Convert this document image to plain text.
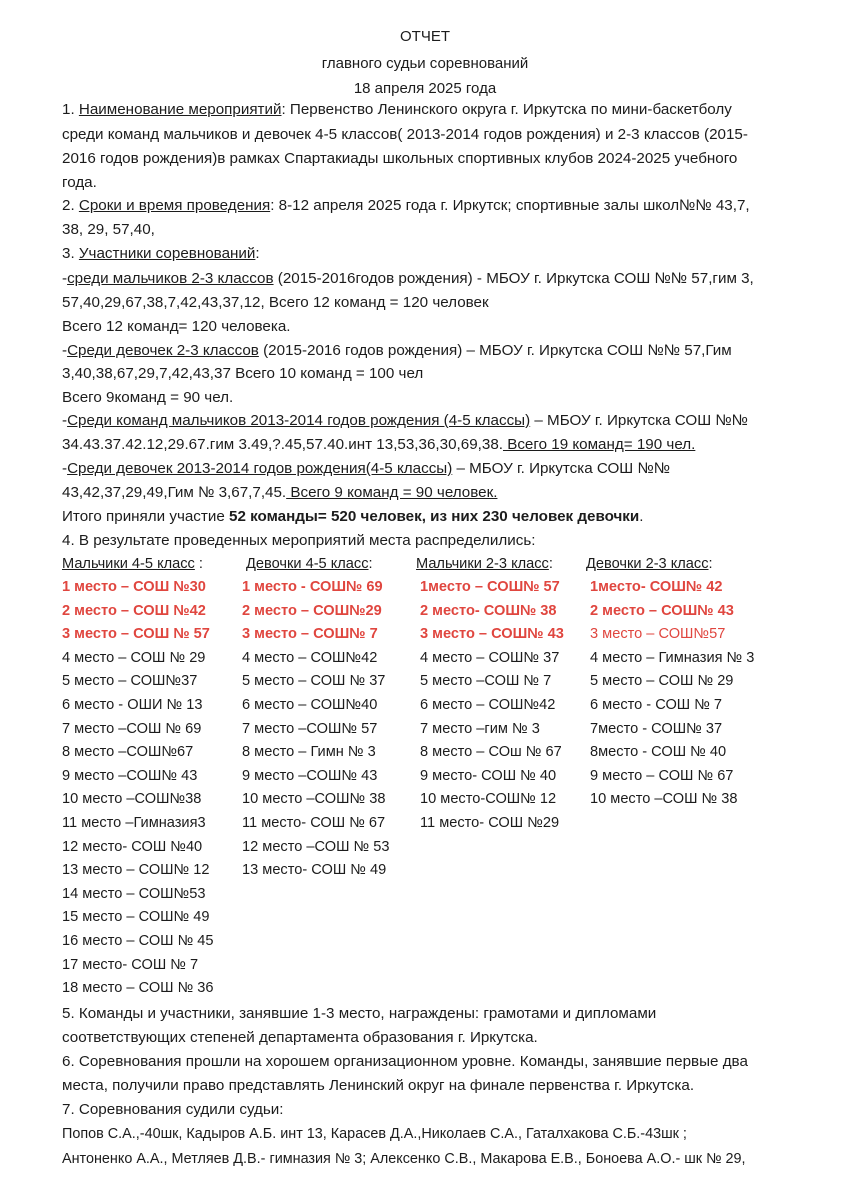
ОТЧЕТ
главного судьи соревнований
18 апреля 2025 года
1. Наименование мероприятий: Первенство Ленинского округа г. Иркутска по мини-баскетболу
среди команд мальчиков и девочек 4-5 классов( 2013-2014 годов рождения) и 2-3 классов (2015-
2016 годов рождения)в рамках Спартакиады школьных спортивных клубов 2024-2025 учебного
года.
2. Сроки и время проведения: 8-12 апреля 2025 года г. Иркутск; спортивные залы школ№№ 43,7,
38, 29, 57,40,
3. Участники соревнований:
-среди мальчиков 2-3 классов (2015-2016годов рождения) - МБОУ г. Иркутска СОШ №№ 57,гим 3,
57,40,29,67,38,7,42,43,37,12, Всего 12 команд = 120 человек
Всего 12 команд= 120 человека.
-Среди девочек 2-3 классов (2015-2016 годов рождения) – МБОУ г. Иркутска СОШ №№ 57,Гим
3,40,38,67,29,7,42,43,37 Всего 10 команд = 100 чел
Всего 9команд = 90 чел.
-Среди команд мальчиков 2013-2014 годов рождения (4-5 классы) – МБОУ г. Иркутска СОШ №№
34.43.37.42.12,29.67.гим 3.49,?.45,57.40.инт 13,53,36,30,69,38. Всего 19 команд= 190 чел.
-Среди девочек 2013-2014 годов рождения(4-5 классы) – МБОУ г. Иркутска СОШ №№
43,42,37,29,49,Гим № 3,67,7,45. Всего 9 команд = 90 человек.
Итого приняли участие 52 команды= 520 человек, из них 230 человек девочки.
4. В результате проведенных мероприятий места распределились:
Мальчики 4-5 класс :	Девочки 4-5 класс:	Мальчики 2-3 класс: Девочки 2-3 класс:
1 место – СОШ №30
2 место – СОШ №42
3 место – СОШ № 57
4 место – СОШ № 29
5 место – СОШ№37
6 место - ОШИ № 13
7 место –СОШ № 69
8 место –СОШ№67
9 место –СОШ№ 43
10 место –СОШ№38
11 место –Гимназия3
12 место- СОШ №40
13 место – СОШ№ 12
14 место – СОШ№53
15 место – СОШ№ 49
16 место – СОШ № 45
17 место- СОШ № 7
18 место – СОШ № 36
1 место - СОШ№ 69
2 место – СОШ№29
3 место – СОШ№ 7
4 место – СОШ№42
5 место – СОШ № 37
6 место – СОШ№40
7 место –СОШ№ 57
8 место – Гимн № 3
9 место –СОШ№ 43
10 место –СОШ№ 38
11 место- СОШ № 67
12 место –СОШ № 53
13 место- СОШ № 49
1место – СОШ№ 57
2 место- СОШ№ 38
3 место – СОШ№ 43
4 место – СОШ№ 37
5 место –СОШ № 7
6 место – СОШ№42
7 место –гим № 3
8 место – СОш № 67
9 место- СОШ № 40
10 место-СОШ№ 12
11 место- СОШ №29
1место- СОШ№ 42
2 место – СОШ№ 43
3 место – СОШ№57
4 место – Гимназия № 3
5 место – СОШ № 29
6 место - СОШ № 7
7место - СОШ№ 37
8место - СОШ № 40
9 место – СОШ № 67
10 место –СОШ № 38
5. Команды и участники, занявшие 1-3 место, награждены: грамотами и дипломами
соответствующих степеней департамента образования г. Иркутска.
6. Соревнования прошли на хорошем организационном уровне. Команды, занявшие первые два
места, получили право представлять Ленинский округ на финале первенства г. Иркутска.
7. Соревнования судили судьи:
Попов С.А.,-40шк, Кадыров А.Б. инт 13, Карасев Д.А.,Николаев С.А., Гаталхакова С.Б.-43шк ;
Антоненко А.А., Метляев Д.В.- гимназия № 3; Алексенко С.В., Макарова Е.В., Боноева А.О.- шк № 29,
